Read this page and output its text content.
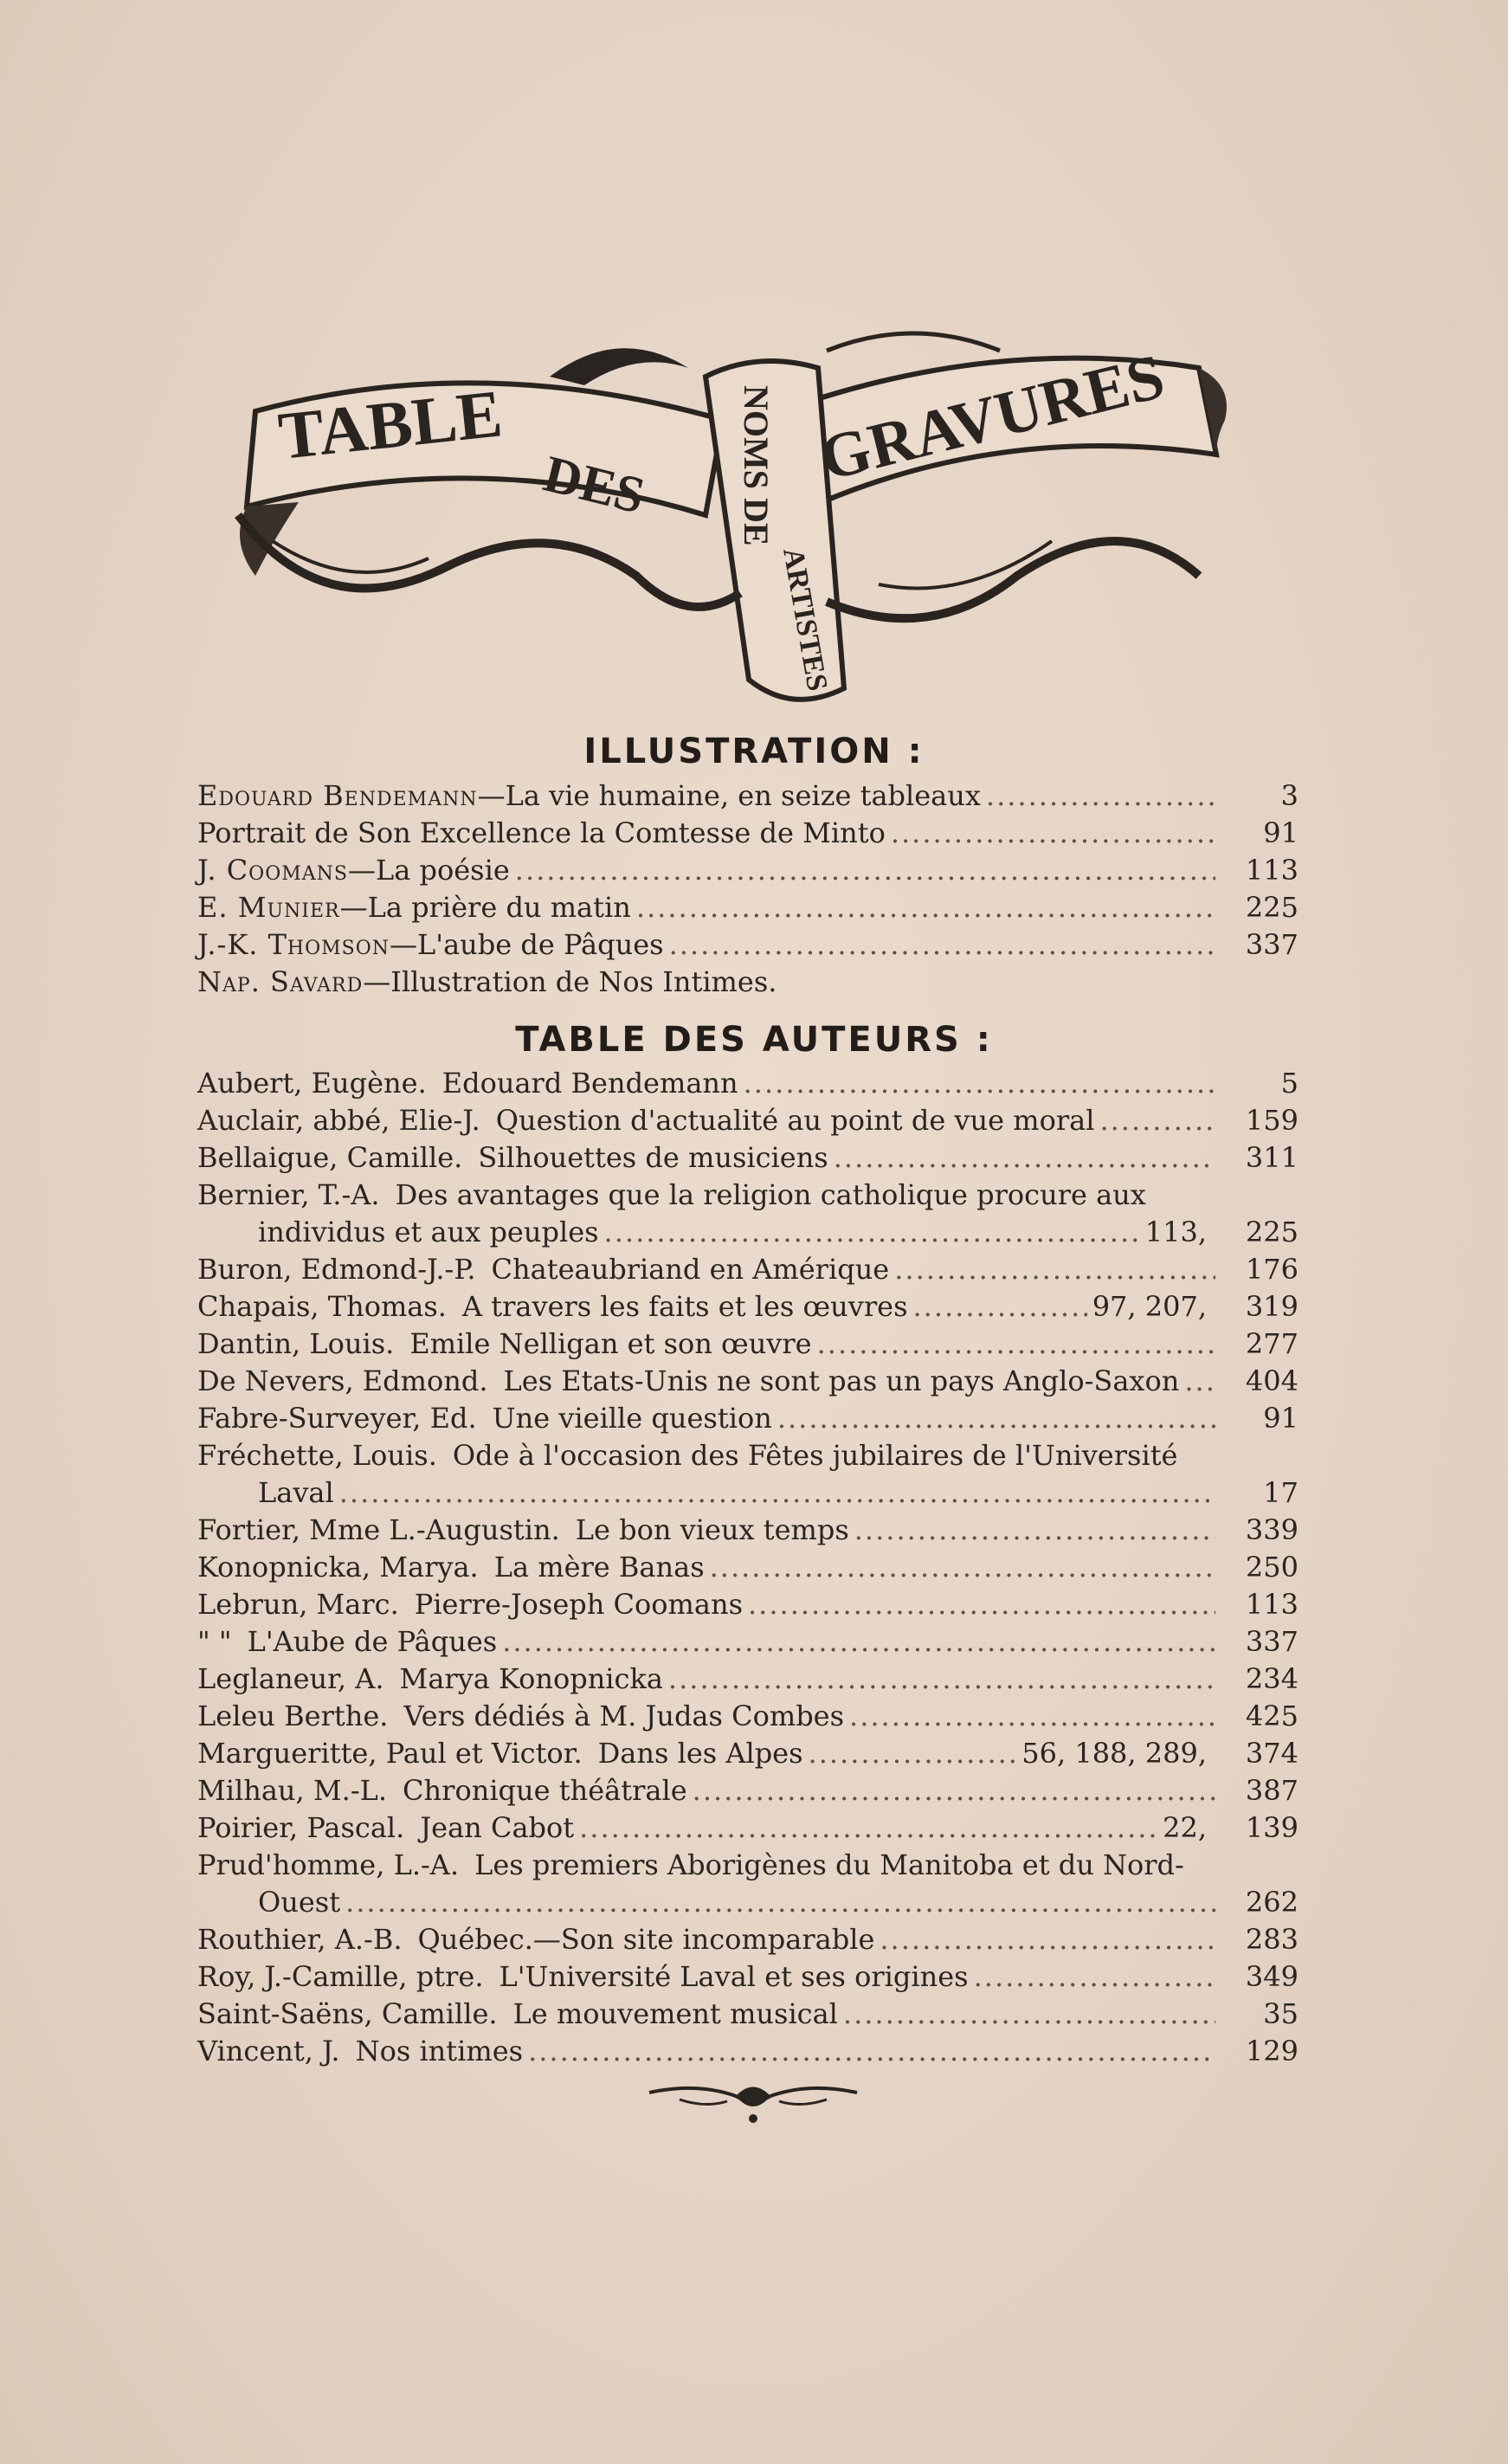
TABLE
DES NOMS DE
ARTISTES
GRAVURES
ILLUSTRATION :
Edouard Bendemann — La vie humaine, en seize tableaux .....	3
Portrait de Son Excellence la Comtesse de Minto .....	91
J. Coomans — La poésie .....	113
E. Munier — La prière du matin .....	225
J.-K. Thomson — L'aube de Pâques .....	337
Nap. Savard — Illustration de Nos Intimes.
TABLE DES AUTEURS :
Aubert, Eugène. Edouard Bendemann .....	5
Auclair, abbé, Elie-J. Question d'actualité au point de vue moral .....	159
Bellaigue, Camille. Silhouettes de musiciens .....	311
Bernier, T.-A. Des avantages que la religion catholique procure aux
individus et aux peuples .....	113,	225
Buron, Edmond-J.-P. Chateaubriand en Amérique .....	176
Chapais, Thomas. A travers les faits et les œuvres .....	97, 207,	319
Dantin, Louis. Emile Nelligan et son œuvre .....	277
De Nevers, Edmond. Les Etats-Unis ne sont pas un pays Anglo-Saxon .....	404
Fabre-Surveyer, Ed. Une vieille question .....	91
Fréchette, Louis. Ode à l'occasion des Fêtes jubilaires de l'Université
Laval .....	17
Fortier, Mme L.-Augustin. Le bon vieux temps .....	339
Konopnicka, Marya. La mère Banas .....	250
Lebrun, Marc. Pierre-Joseph Coomans .....	113
" " L'Aube de Pâques .....	337
Leglaneur, A. Marya Konopnicka .....	234
Leleu Berthe. Vers dédiés à M. Judas Combes .....	425
Margueritte, Paul et Victor. Dans les Alpes .....	56, 188, 289,	374
Milhau, M.-L. Chronique théâtrale .....	387
Poirier, Pascal. Jean Cabot .....	22,	139
Prud'homme, L.-A. Les premiers Aborigènes du Manitoba et du Nord-
Ouest .....	262
Routhier, A.-B. Québec.—Son site incomparable .....	283
Roy, J.-Camille, ptre. L'Université Laval et ses origines .....	349
Saint-Saëns, Camille. Le mouvement musical .....	35
Vincent, J. Nos intimes .....	129
